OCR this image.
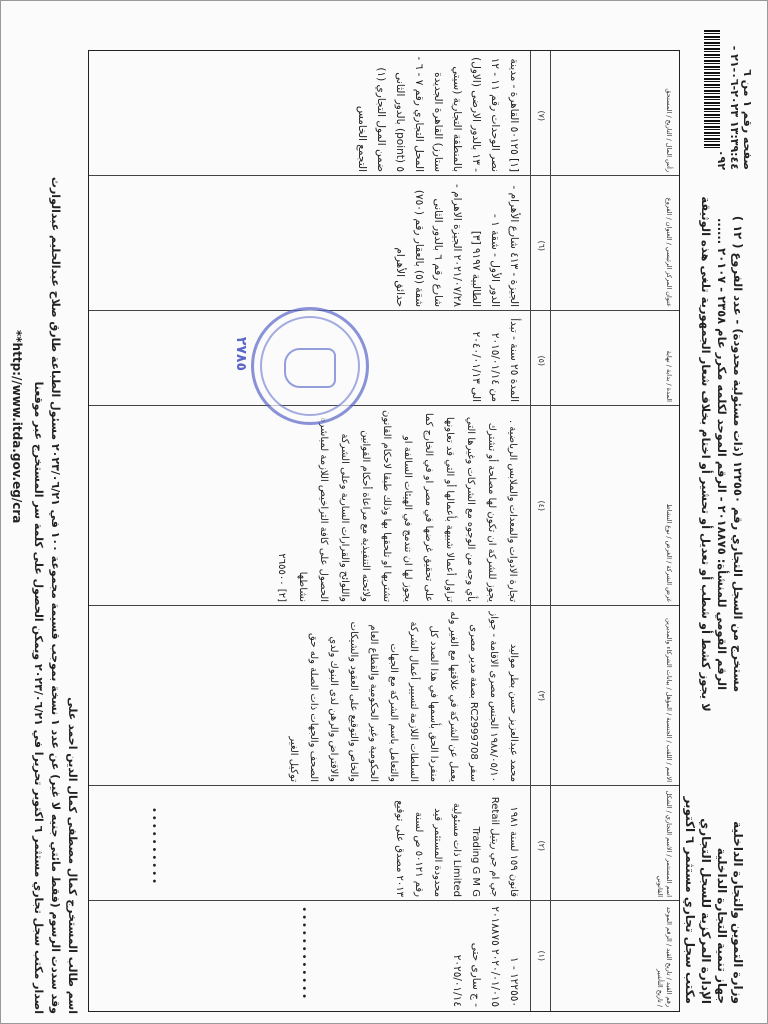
وزارة التموين والتجارة الداخلية
جهاز تنمية التجارة الداخلية
الإدارة المركزية للسجل التجاري
مكتب سجل تجاري مستثمر ٦ اكتوبر
مستخرج من السجل التجاري رقم ١٢٢٥٥٠ (ذات مسئولية محدودة) - عدد الفروع ( ١٢ )
الرقم القومي للمنشأة: ٢٠١٨٨٧٥ - الرقم الموحد لكلمه مكرر عام ٢٣٥٨ - ٢٠١٠٧ ......
لا يجوز كشط أو شطب أو تعديل أو تحشير أو اختام بخلاف شعار الجمهورية تلغى هذه الوثيقة
صفحه رقم ١ من ٦
١٣:٣٩:٤٤ ٢٠٢٣-٠٦-٢١ - ٠٩٢
رقم القيد / تاريخ القيد / الرقم الموحد / تاريخ التأشير
اسم المستثمر / الاسم التجاري / الشكل القانوني
الاسم / اللقب / الجنسية / المؤهل / بيانات الشركاء والمديرين
غرض الشركة / الغرض / نوع النشاط
المدة / بداية / نهاية
عنوان المركز الرئيسي / العنوان / الفروع
رأس المال / التاريخ / المستحق
(١)
(٢)
(٣)
(٤)
(٥)
(٦)
(٧)
١٢٢٥٥٠ - ١ ٢٠٢٠/٠١/٠١٥ ٢٠١٨٨٧٥ - ج سارى حتى ٢٠٢٥/٠١/١٤
••••••••••••
قانون ١٥٩ لسنة ١٩٨١
جي ام جي ريتيل Retail Trading G M G Limited ذات مسئولية محدودة المستثمر قيد رقم ٥٠١٢١ ص لسنة ٢٠١٣ مصدق على توقيع
••••••••••
محمد عبدالعزيز حسن بطر مواليد ١٩٨٨/٠٥/١٠ الجنس مصرى الاقامة - جواز سفر RC2999708 بصفة مدير مصرى يعمل عن الشركة في علاقتها مع الغير وله منفردا الحق بأسمها في هذا الصدد كل السلطات اللازمة لتسيير أعمال الشركة والتعامل باسم الشركة مع الجهات الحكومية وغير الحكومية والقطاع العام والخاص والتوقيع على العقود والشيكات والاقتراض والرهن لدى البنوك ولدي الصحف والجهات ذات الصلة وله حق توكيل الغير
تجارة الادوات والمعدات والملابس الرياضية . يجوز للشركة ان تكون لها مصلحة أو تشترك بأي وجه من الوجوه مع الشركات وغيرها التي تزاول أعمالا شبيهة بأعمالها أو التي قد تعاونها على تحقيق غرضها في مصر او في الخارج كما يجوز لها ان تندمج في الهيئات السالفة او تشتريها او تلحقها بها وذلك طبقا لاحكام القانون ولائحته التنفيذية مع مراعاة أحكام القوانين واللوائح والقرارات السارية وعلى الشركة الحصول على كافة التراخيص اللازمة لمباشرة نشاطها
[٢] ٢٦٥٥٠٠
المدة ٢٥ سنة - تبدأ من ٢٠١٥/٠١/١٤ الى ٢٠٤٠/٠١/١٣
٢٧٨٥
الجيزة - ٤١٣ شارع الأهرام - الدور الأول - شقة ١ - الطالبية ٩١٩٧ [٣] ٢٠٢١/٠٧/٢٨ الجيزة الاهرام - شارع رقم ٦ بالدور الثانى شقة (٥) بالعقار رقم (٧٥٠) حدائق الأهرام
[١] ٥٠١٢٥ القاهرة - مدينة نصر الوحدات رقم ١١ - ١٢ - ١٣ بالدور الارضى (الاول) بالمنطقة التجارية (سيتي ستارز) القاهرة الجديدة المحل التجاري رقم ٧ - ٦ - ٥ (point) بالدور الثانى ضمن المول التجاري (١) التجمع الخامس
اسم طالب المستخرج كمال مصطفى كمال الدين احمد على
وقد سددت الرسوم (فقط مائتي جنيه لا غير) عن عدد ١ نسخة بموجب قسيمة مجموعة ١٠٠ في ٢٠٢٣/٠٦/٢١ مسئول الطباعة طارق صلاح عبدالحليم عبدالوارث
اصدار مكتب سجل تجاري مستثمر ٦ اكتوبر تحريرا في ٢٠٢٣/٠٦/٢١ ويمكن الحصول على كلمة سر المستخرج عبر موقعنا
**http://www.itda.gov.eg/cra
